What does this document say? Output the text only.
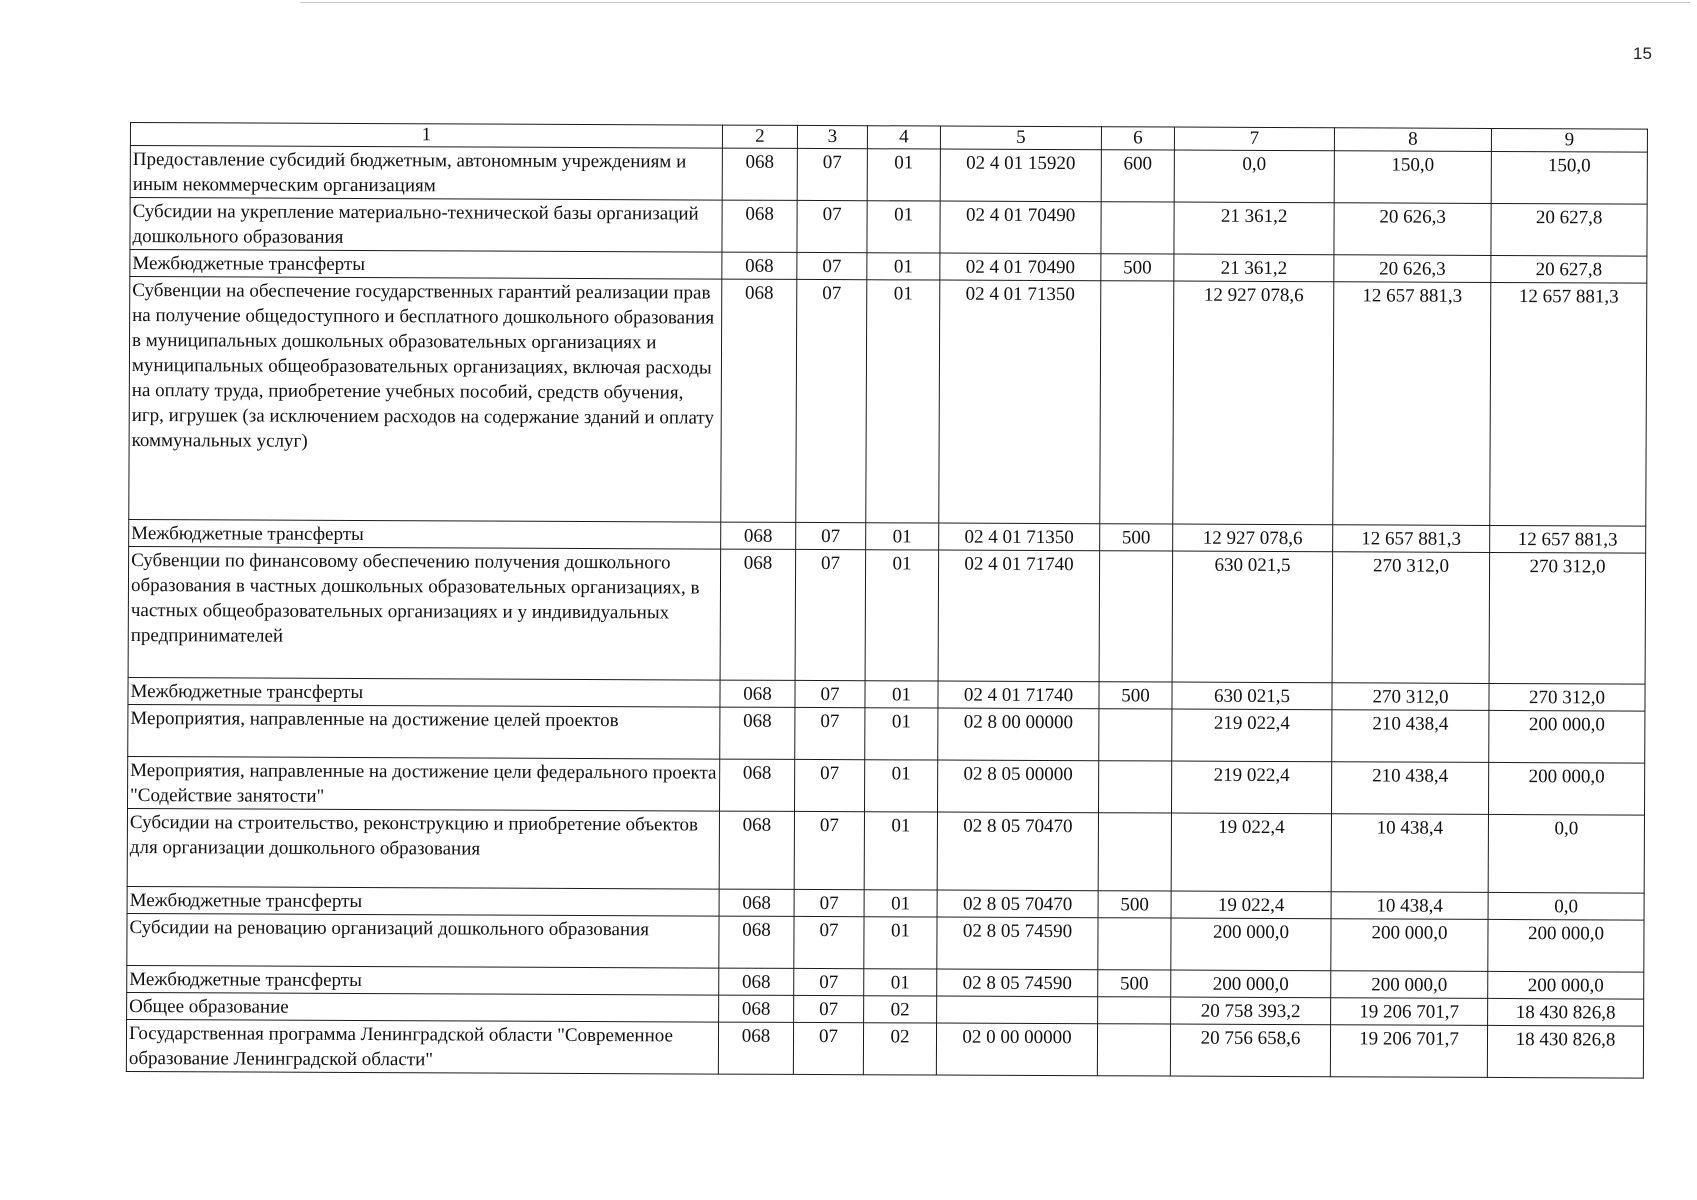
15
1	2	3	4	5	6	7	8	9
Предоставление субсидий бюджетным, автономным учреждениям и иным некоммерческим организациям	068	07	01	02 4 01 15920	600	0,0	150,0	150,0
Субсидии на укрепление материально-технической базы организаций дошкольного образования	068	07	01	02 4 01 70490		21 361,2	20 626,3	20 627,8
Межбюджетные трансферты	068	07	01	02 4 01 70490	500	21 361,2	20 626,3	20 627,8
Субвенции на обеспечение государственных гарантий реализации прав на получение общедоступного и бесплатного дошкольного образования в муниципальных дошкольных образовательных организациях и муниципальных общеобразовательных организациях, включая расходы на оплату труда, приобретение учебных пособий, средств обучения, игр, игрушек (за исключением расходов на содержание зданий и оплату коммунальных услуг)	068	07	01	02 4 01 71350		12 927 078,6	12 657 881,3	12 657 881,3
Межбюджетные трансферты	068	07	01	02 4 01 71350	500	12 927 078,6	12 657 881,3	12 657 881,3
Субвенции по финансовому обеспечению получения дошкольного образования в частных дошкольных образовательных организациях, в частных общеобразовательных организациях и у индивидуальных предпринимателей	068	07	01	02 4 01 71740		630 021,5	270 312,0	270 312,0
Межбюджетные трансферты	068	07	01	02 4 01 71740	500	630 021,5	270 312,0	270 312,0
Мероприятия, направленные на достижение целей проектов	068	07	01	02 8 00 00000		219 022,4	210 438,4	200 000,0
Мероприятия, направленные на достижение цели федерального проекта "Содействие занятости"	068	07	01	02 8 05 00000		219 022,4	210 438,4	200 000,0
Субсидии на строительство, реконструкцию и приобретение объектов для организации дошкольного образования	068	07	01	02 8 05 70470		19 022,4	10 438,4	0,0
Межбюджетные трансферты	068	07	01	02 8 05 70470	500	19 022,4	10 438,4	0,0
Субсидии на реновацию организаций дошкольного образования	068	07	01	02 8 05 74590		200 000,0	200 000,0	200 000,0
Межбюджетные трансферты	068	07	01	02 8 05 74590	500	200 000,0	200 000,0	200 000,0
Общее образование	068	07	02			20 758 393,2	19 206 701,7	18 430 826,8
Государственная программа Ленинградской области "Современное образование Ленинградской области"	068	07	02	02 0 00 00000		20 756 658,6	19 206 701,7	18 430 826,8
